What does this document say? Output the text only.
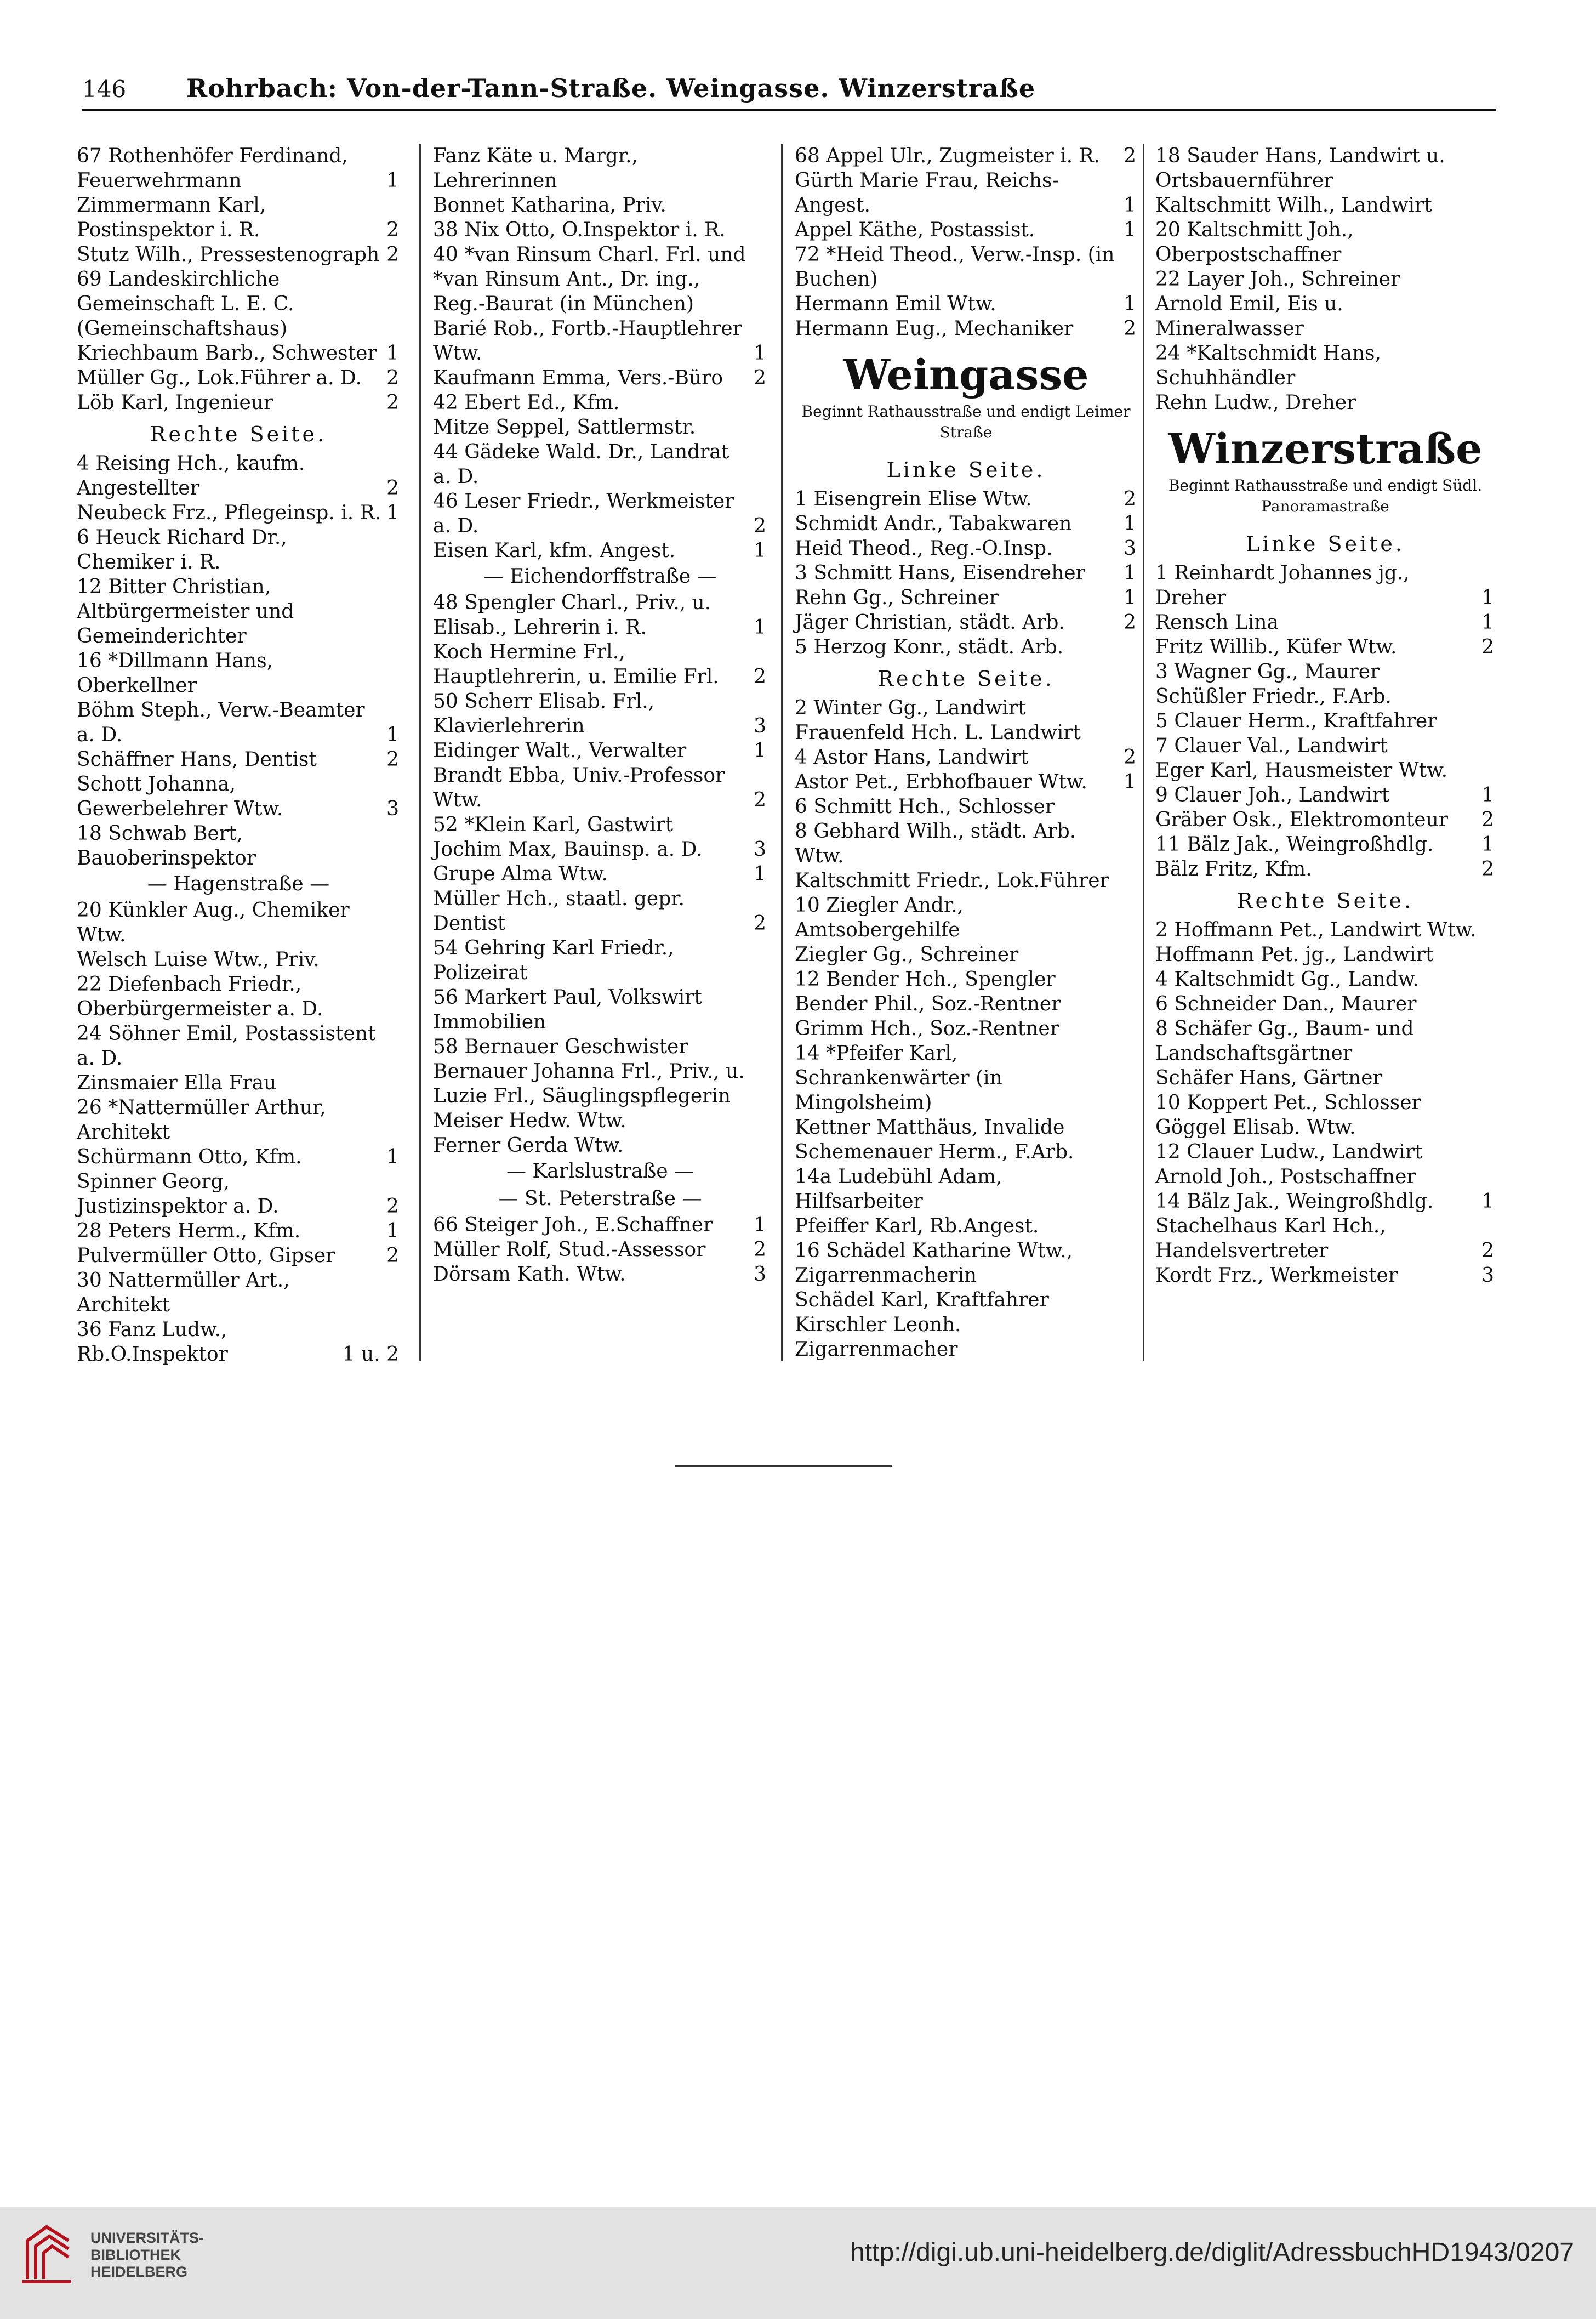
146 Rohrbach: Von-der-Tann-Straße. Weingasse. Winzerstraße
67 Rothenhöfer Ferdinand, Feuerwehrmann	1
Zimmermann Karl, Postinspektor i. R.	2
Stutz Wilh., Pressestenograph 2
69 Landeskirchliche Gemeinschaft L. E. C. (Gemeinschaftshaus)
Kriechbaum Barb., Schwester 1
Müller Gg., Lok.Führer a. D. 2
Löb Karl, Ingenieur	2
Rechte Seite.
4 Reising Hch., kaufm. Angestellter	2
Neubeck Frz., Pflegeinsp. i. R. 1
6 Heuck Richard Dr., Chemiker i. R.
12 Bitter Christian, Altbürgermeister und Gemeinderichter
16 *Dillmann Hans, Oberkellner
Böhm Steph., Verw.-Beamter a. D.	1
Schäffner Hans, Dentist	2
Schott Johanna, Gewerbelehrer Wtw.	3
18 Schwab Bert, Bauoberinspektor
— Hagenstraße —
20 Künkler Aug., Chemiker Wtw.
Welsch Luise Wtw., Priv.
22 Diefenbach Friedr., Oberbürgermeister a. D.
24 Söhner Emil, Postassistent a. D.
Zinsmaier Ella Frau
26 *Nattermüller Arthur, Architekt
Schürmann Otto, Kfm.	1
Spinner Georg, Justizinspektor a. D.	2
28 Peters Herm., Kfm.	1
Pulvermüller Otto, Gipser	2
30 Nattermüller Art., Architekt
36 Fanz Ludw., Rb.O.Inspektor	1 u. 2
Fanz Käte u. Margr., Lehrerinnen
Bonnet Katharina, Priv.
38 Nix Otto, O.Inspektor i. R.
40 *van Rinsum Charl. Frl. und *van Rinsum Ant., Dr. ing., Reg.-Baurat (in München)
Barié Rob., Fortb.-Hauptlehrer Wtw.	1
Kaufmann Emma, Vers.-Büro 2
42 Ebert Ed., Kfm.
Mitze Seppel, Sattlermstr.
44 Gädeke Wald. Dr., Landrat a. D.
46 Leser Friedr., Werkmeister a. D.	2
Eisen Karl, kfm. Angest.	1
— Eichendorffstraße —
48 Spengler Charl., Priv., u. Elisab., Lehrerin i. R.	1
Koch Hermine Frl., Hauptlehrerin, u. Emilie Frl. 2
50 Scherr Elisab. Frl., Klavierlehrerin	3
Eidinger Walt., Verwalter	1
Brandt Ebba, Univ.-Professor Wtw.	2
52 *Klein Karl, Gastwirt
Jochim Max, Bauinsp. a. D.	3
Grupe Alma Wtw.	1
Müller Hch., staatl. gepr. Dentist	2
54 Gehring Karl Friedr., Polizeirat
56 Markert Paul, Volkswirt Immobilien
58 Bernauer Geschwister
Bernauer Johanna Frl., Priv., u. Luzie Frl., Säuglingspflegerin
Meiser Hedw. Wtw.
Ferner Gerda Wtw.
— Karlslustraße —
— St. Peterstraße —
66 Steiger Joh., E.Schaffner 1
Müller Rolf, Stud.-Assessor 2
Dörsam Kath. Wtw.	3
68 Appel Ulr., Zugmeister i. R. 2
Gürth Marie Frau, Reichs-Angest.	1
Appel Käthe, Postassist.	1
72 *Heid Theod., Verw.-Insp. (in Buchen)
Hermann Emil Wtw.	1
Hermann Eug., Mechaniker	2
Weingasse
Beginnt Rathausstraße und endigt Leimer Straße
Linke Seite.
1 Eisengrein Elise Wtw.	2
Schmidt Andr., Tabakwaren	1
Heid Theod., Reg.-O.Insp.	3
3 Schmitt Hans, Eisendreher 1
Rehn Gg., Schreiner	1
Jäger Christian, städt. Arb.	2
5 Herzog Konr., städt. Arb.
Rechte Seite.
2 Winter Gg., Landwirt
Frauenfeld Hch. L. Landwirt
4 Astor Hans, Landwirt	2
Astor Pet., Erbhofbauer Wtw. 1
6 Schmitt Hch., Schlosser
8 Gebhard Wilh., städt. Arb. Wtw.
Kaltschmitt Friedr., Lok.Führer
10 Ziegler Andr., Amtsobergehilfe
Ziegler Gg., Schreiner
12 Bender Hch., Spengler
Bender Phil., Soz.-Rentner
Grimm Hch., Soz.-Rentner
14 *Pfeifer Karl, Schrankenwärter (in Mingolsheim)
Kettner Matthäus, Invalide
Schemenauer Herm., F.Arb.
14a Ludebühl Adam, Hilfsarbeiter
Pfeiffer Karl, Rb.Angest.
16 Schädel Katharine Wtw., Zigarrenmacherin
Schädel Karl, Kraftfahrer
Kirschler Leonh. Zigarrenmacher
18 Sauder Hans, Landwirt u. Ortsbauernführer
Kaltschmitt Wilh., Landwirt
20 Kaltschmitt Joh., Oberpostschaffner
22 Layer Joh., Schreiner
Arnold Emil, Eis u. Mineralwasser
24 *Kaltschmidt Hans, Schuhhändler
Rehn Ludw., Dreher
Winzerstraße
Beginnt Rathausstraße und endigt Südl. Panoramastraße
Linke Seite.
1 Reinhardt Johannes jg., Dreher	1
Rensch Lina	1
Fritz Willib., Küfer Wtw.	2
3 Wagner Gg., Maurer
Schüßler Friedr., F.Arb.
5 Clauer Herm., Kraftfahrer
7 Clauer Val., Landwirt
Eger Karl, Hausmeister Wtw.
9 Clauer Joh., Landwirt	1
Gräber Osk., Elektromonteur 2
11 Bälz Jak., Weingroßhdlg. 1
Bälz Fritz, Kfm.	2
Rechte Seite.
2 Hoffmann Pet., Landwirt Wtw.
Hoffmann Pet. jg., Landwirt
4 Kaltschmidt Gg., Landw.
6 Schneider Dan., Maurer
8 Schäfer Gg., Baum- und Landschaftsgärtner
Schäfer Hans, Gärtner
10 Koppert Pet., Schlosser
Göggel Elisab. Wtw.
12 Clauer Ludw., Landwirt
Arnold Joh., Postschaffner
14 Bälz Jak., Weingroßhdlg. 1
Stachelhaus Karl Hch., Handelsvertreter	2
Kordt Frz., Werkmeister	3
UNIVERSITÄTS-
BIBLIOTHEK
HEIDELBERG
http://digi.ub.uni-heidelberg.de/diglit/AdressbuchHD1943/0207
